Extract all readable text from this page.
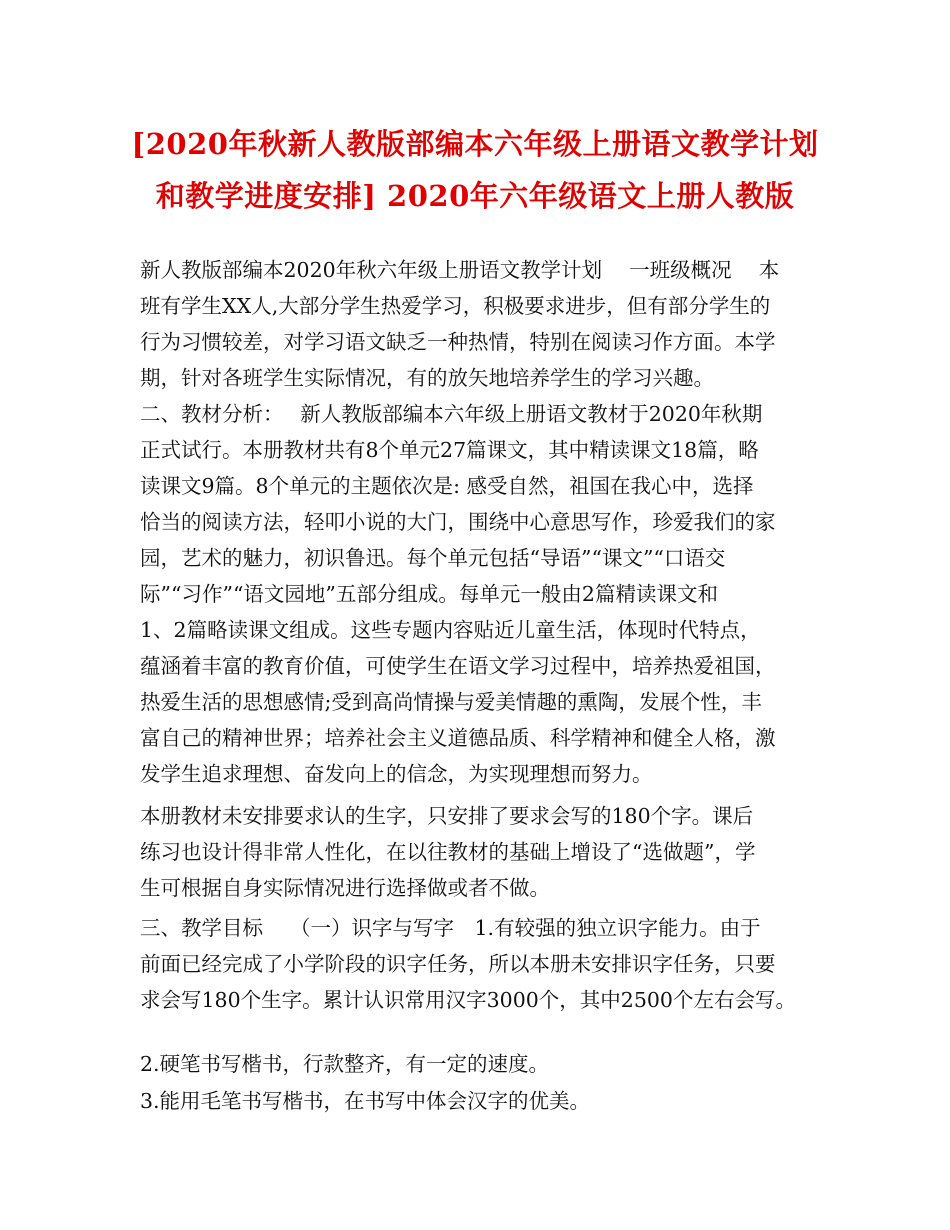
[2020年秋新人教版部编本六年级上册语文教学计划
和教学进度安排] 2020年六年级语文上册人教版
新人教版部编本2020年秋六年级上册语文教学计划　 一班级概况　 本
班有学生XX人,大部分学生热爱学习，积极要求进步，但有部分学生的
行为习惯较差，对学习语文缺乏一种热情，特别在阅读习作方面。本学
期，针对各班学生实际情况，有的放矢地培养学生的学习兴趣。
二、教材分析：　 新人教版部编本六年级上册语文教材于2020年秋期
正式试行。本册教材共有8个单元27篇课文，其中精读课文18篇，略
读课文9篇。8个单元的主题依次是: 感受自然，祖国在我心中，选择
恰当的阅读方法，轻叩小说的大门，围绕中心意思写作，珍爱我们的家
园，艺术的魅力，初识鲁迅。每个单元包括“导语”“课文”“口语交
际”“习作”“语文园地”五部分组成。每单元一般由2篇精读课文和
1、2篇略读课文组成。这些专题内容贴近儿童生活，体现时代特点，
蕴涵着丰富的教育价值，可使学生在语文学习过程中，培养热爱祖国，
热爱生活的思想感情;受到高尚情操与爱美情趣的熏陶，发展个性，丰
富自己的精神世界；培养社会主义道德品质、科学精神和健全人格，激
发学生追求理想、奋发向上的信念，为实现理想而努力。
本册教材未安排要求认的生字，只安排了要求会写的180个字。课后
练习也设计得非常人性化，在以往教材的基础上增设了“选做题”，学
生可根据自身实际情况进行选择做或者不做。
三、教学目标　 （一）识字与写字　1.有较强的独立识字能力。由于
前面已经完成了小学阶段的识字任务，所以本册未安排识字任务，只要
求会写180个生字。累计认识常用汉字3000个，其中2500个左右会写。
2.硬笔书写楷书，行款整齐，有一定的速度。
3.能用毛笔书写楷书，在书写中体会汉字的优美。
